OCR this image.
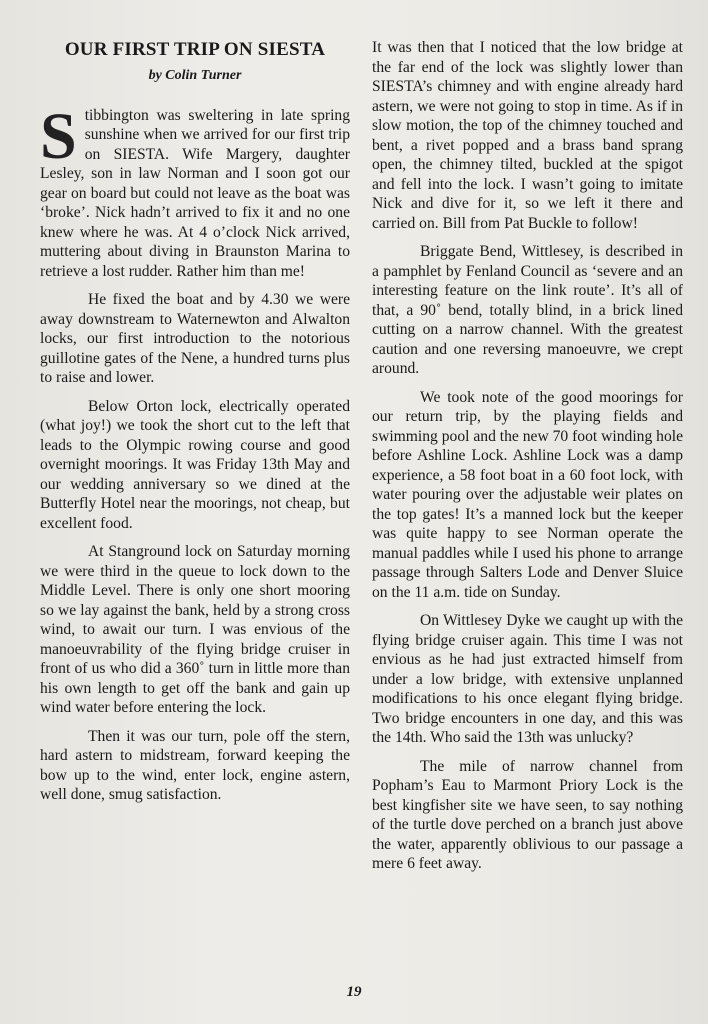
OUR FIRST TRIP ON SIESTA
by Colin Turner

Stibbington was sweltering in late spring sunshine when we arrived for our first trip on SIESTA. Wife Margery, daughter Lesley, son in law Norman and I soon got our gear on board but could not leave as the boat was ‘broke’. Nick hadn’t arrived to fix it and no one knew where he was. At 4 o’clock Nick arrived, muttering about diving in Braunston Marina to retrieve a lost rudder. Rather him than me!

He fixed the boat and by 4.30 we were away downstream to Waternewton and Alwalton locks, our first introduction to the notorious guillotine gates of the Nene, a hundred turns plus to raise and lower.

Below Orton lock, electrically operated (what joy!) we took the short cut to the left that leads to the Olympic rowing course and good overnight moorings. It was Friday 13th May and our wedding anniversary so we dined at the Butterfly Hotel near the moorings, not cheap, but excellent food.

At Stanground lock on Saturday morning we were third in the queue to lock down to the Middle Level. There is only one short mooring so we lay against the bank, held by a strong cross wind, to await our turn. I was envious of the manoeuvrability of the flying bridge cruiser in front of us who did a 360˚ turn in little more than his own length to get off the bank and gain up wind water before entering the lock.

Then it was our turn, pole off the stern, hard astern to midstream, forward keeping the bow up to the wind, enter lock, engine astern, well done, smug satisfaction.

It was then that I noticed that the low bridge at the far end of the lock was slightly lower than SIESTA’s chimney and with engine already hard astern, we were not going to stop in time. As if in slow motion, the top of the chimney touched and bent, a rivet popped and a brass band sprang open, the chimney tilted, buckled at the spigot and fell into the lock. I wasn’t going to imitate Nick and dive for it, so we left it there and carried on. Bill from Pat Buckle to follow!

Briggate Bend, Wittlesey, is described in a pamphlet by Fenland Council as ‘severe and an interesting feature on the link route’. It’s all of that, a 90˚ bend, totally blind, in a brick lined cutting on a narrow channel. With the greatest caution and one reversing manoeuvre, we crept around.

We took note of the good moorings for our return trip, by the playing fields and swimming pool and the new 70 foot winding hole before Ashline Lock. Ashline Lock was a damp experience, a 58 foot boat in a 60 foot lock, with water pouring over the adjustable weir plates on the top gates! It’s a manned lock but the keeper was quite happy to see Norman operate the manual paddles while I used his phone to arrange passage through Salters Lode and Denver Sluice on the 11 a.m. tide on Sunday.

On Wittlesey Dyke we caught up with the flying bridge cruiser again. This time I was not envious as he had just extracted himself from under a low bridge, with extensive unplanned modifications to his once elegant flying bridge. Two bridge encounters in one day, and this was the 14th. Who said the 13th was unlucky?

The mile of narrow channel from Popham’s Eau to Marmont Priory Lock is the best kingfisher site we have seen, to say nothing of the turtle dove perched on a branch just above the water, apparently oblivious to our passage a mere 6 feet away.

19
